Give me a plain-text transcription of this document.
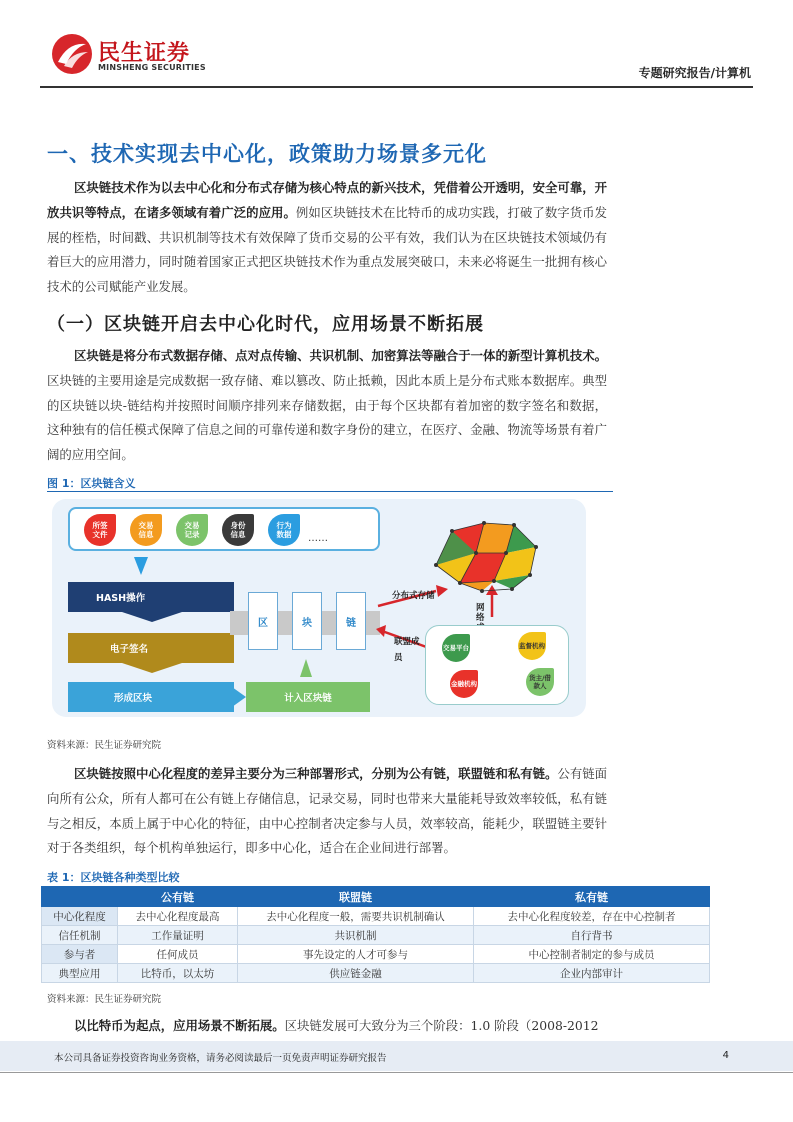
民生证券
MINSHENG SECURITIES	专题研究报告/计算机
一、技术实现去中心化，政策助力场景多元化
区块链技术作为以去中心化和分布式存储为核心特点的新兴技术，凭借着公开透明，安全可靠，开放共识等特点，在诸多领域有着广泛的应用。例如区块链技术在比特币的成功实践，打破了数字货币发展的桎梏，时间戳、共识机制等技术有效保障了货币交易的公平有效，我们认为在区块链技术领域仍有着巨大的应用潜力，同时随着国家正式把区块链技术作为重点发展突破口，未来必将诞生一批拥有核心技术的公司赋能产业发展。
（一）区块链开启去中心化时代，应用场景不断拓展
区块链是将分布式数据存储、点对点传输、共识机制、加密算法等融合于一体的新型计算机技术。区块链的主要用途是完成数据一致存储、难以篡改、防止抵赖，因此本质上是分布式账本数据库。典型的区块链以块-链结构并按照时间顺序排列来存储数据，由于每个区块都有着加密的数字签名和数据，这种独有的信任模式保障了信息之间的可靠传递和数字身份的建立，在医疗、金融、物流等场景有着广阔的应用空间。
图 1：区块链含义
所签
文件
交易
信息
交易
记录
身份
信息
行为
数据	……
HASH操作
电子签名
形成区块
区	块	链
计入区块链
分布式存储
网络
联盟成员
交易平台	监督机构
金融机构
货主/借款人
资料来源：民生证券研究院
区块链按照中心化程度的差异主要分为三种部署形式，分别为公有链，联盟链和私有链。公有链面向所有公众，所有人都可在公有链上存储信息，记录交易，同时也带来大量能耗导致效率较低，私有链与之相反，本质上属于中心化的特征，由中心控制者决定参与人员，效率较高，能耗少，联盟链主要针对于各类组织，每个机构单独运行，即多中心化，适合在企业间进行部署。
表 1：区块链各种类型比较
	公有链	联盟链	私有链
中心化程度	去中心化程度最高	去中心化程度一般，需要共识机制确认	去中心化程度较差，存在中心控制者
信任机制	工作量证明	共识机制	自行背书
参与者	任何成员	事先设定的人才可参与	中心控制者制定的参与成员
典型应用	比特币，以太坊	供应链金融	企业内部审计
资料来源：民生证券研究院
以比特币为起点，应用场景不断拓展。区块链发展可大致分为三个阶段：1.0 阶段（2008-2012
本公司具备证券投资咨询业务资格，请务必阅读最后一页免责声明证券研究报告	4
